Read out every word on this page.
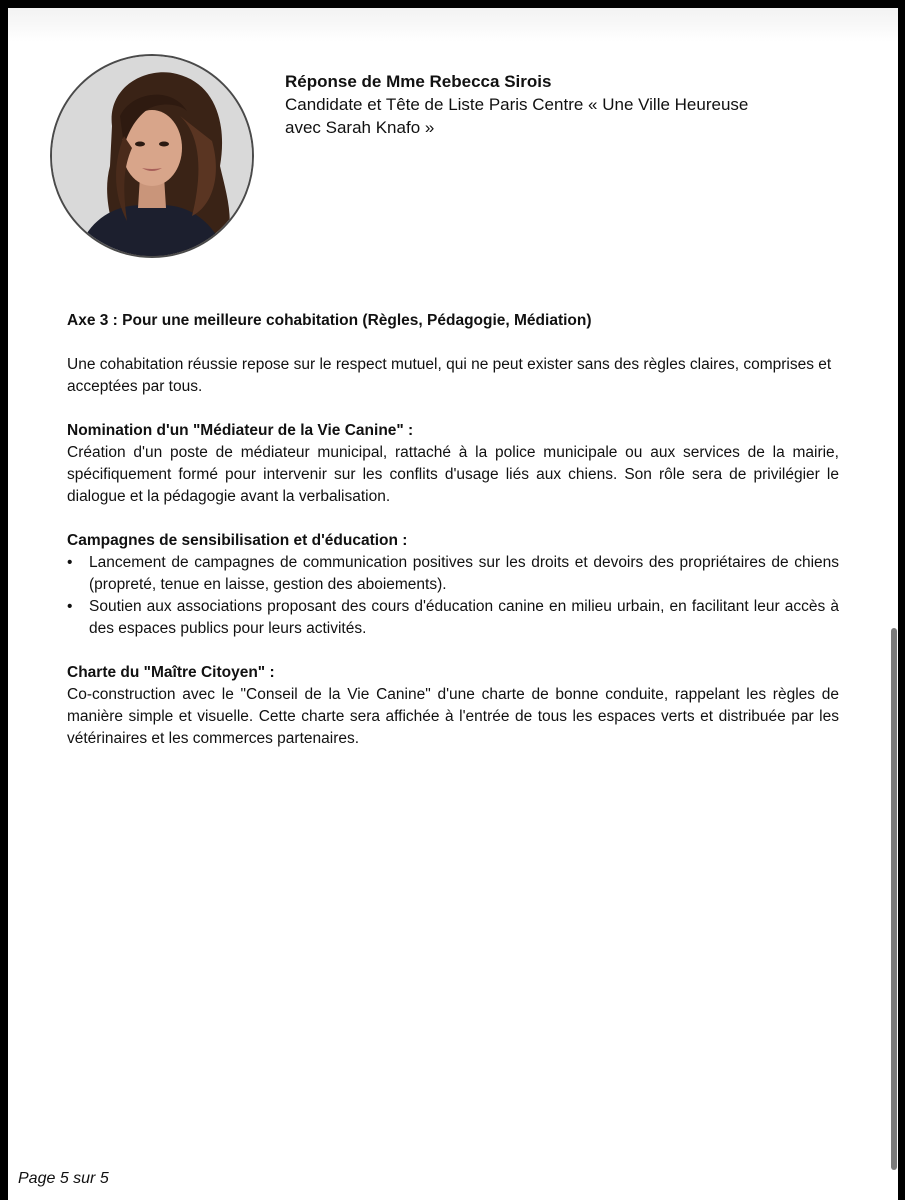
Réponse de Mme Rebecca Sirois
Candidate et Tête de Liste Paris Centre « Une Ville Heureuse
avec Sarah Knafo »

Axe 3 : Pour une meilleure cohabitation (Règles, Pédagogie, Médiation)

Une cohabitation réussie repose sur le respect mutuel, qui ne peut exister sans des règles claires, comprises et acceptées par tous.

Nomination d'un "Médiateur de la Vie Canine" :

Création d'un poste de médiateur municipal, rattaché à la police municipale ou aux services de la mairie, spécifiquement formé pour intervenir sur les conflits d'usage liés aux chiens. Son rôle sera de privilégier le dialogue et la pédagogie avant la verbalisation.

Campagnes de sensibilisation et d'éducation :

• Lancement de campagnes de communication positives sur les droits et devoirs des propriétaires de chiens (propreté, tenue en laisse, gestion des aboiements).
• Soutien aux associations proposant des cours d'éducation canine en milieu urbain, en facilitant leur accès à des espaces publics pour leurs activités.

Charte du "Maître Citoyen" :

Co-construction avec le "Conseil de la Vie Canine" d'une charte de bonne conduite, rappelant les règles de manière simple et visuelle. Cette charte sera affichée à l'entrée de tous les espaces verts et distribuée par les vétérinaires et les commerces partenaires.

Page 5 sur 5
